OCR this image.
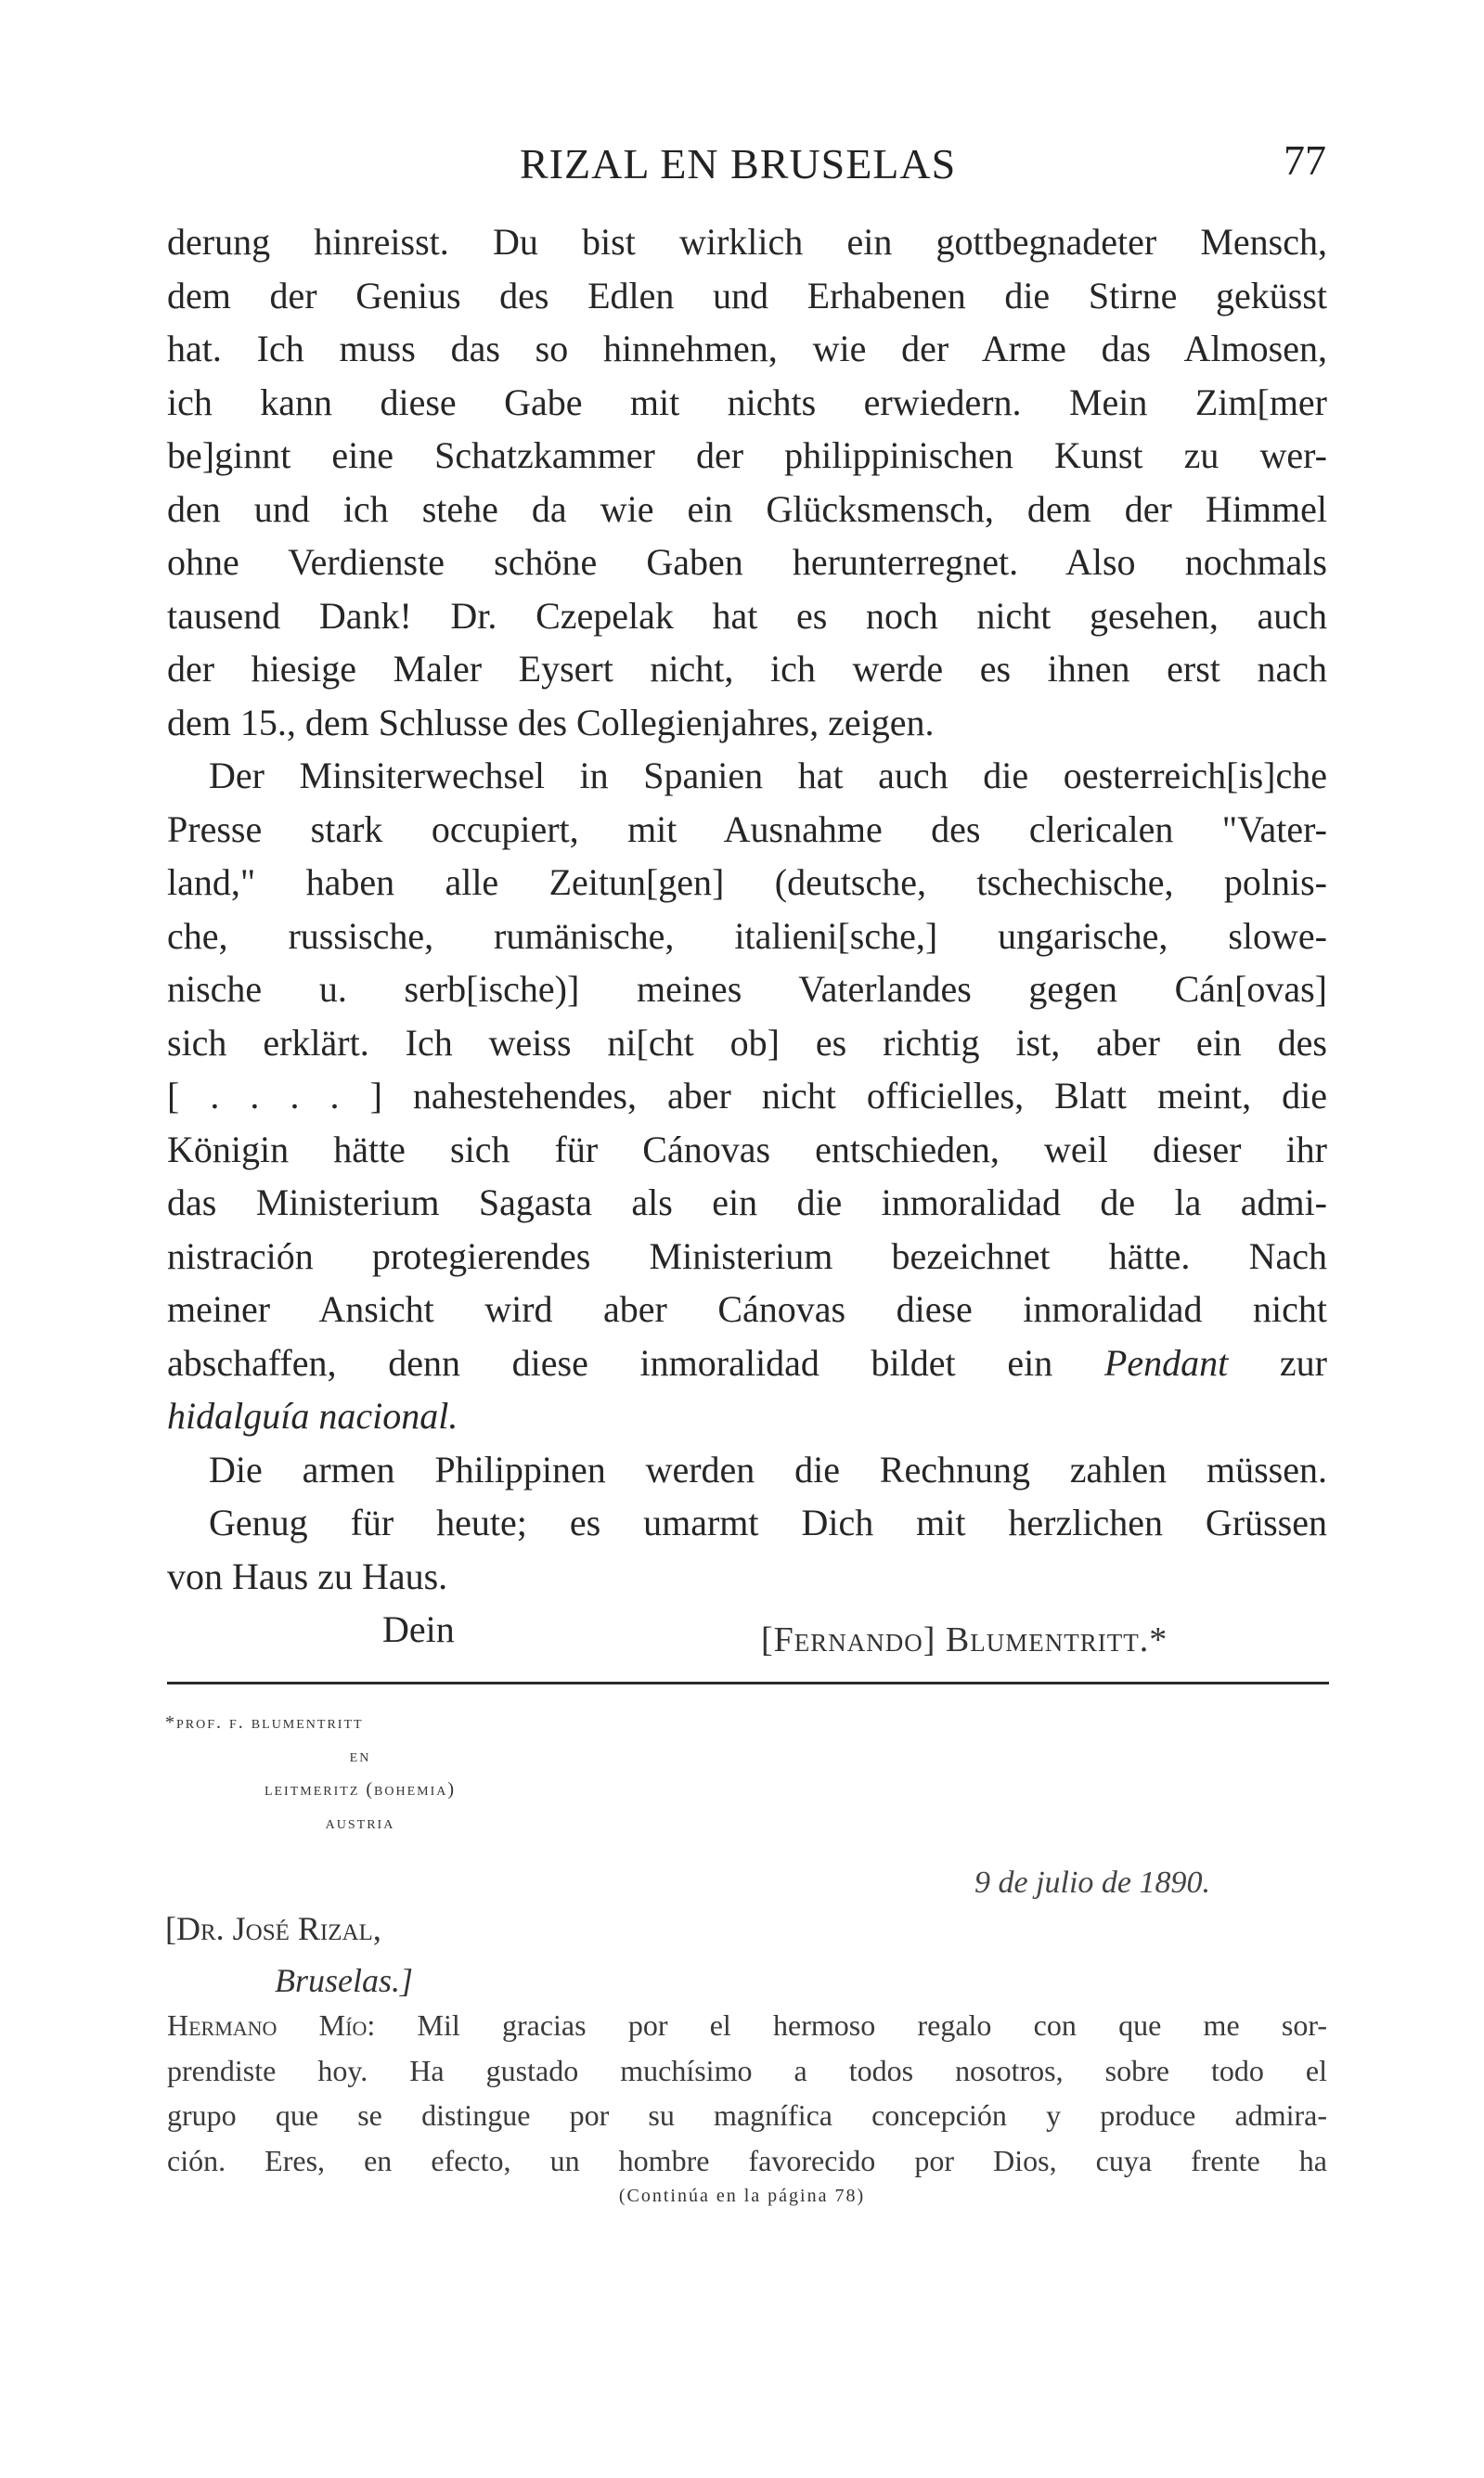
RIZAL EN BRUSELAS	77
derung hinreisst. Du bist wirklich ein gottbegnadeter Mensch,
dem der Genius des Edlen und Erhabenen die Stirne geküsst
hat. Ich muss das so hinnehmen, wie der Arme das Almosen,
ich kann diese Gabe mit nichts erwiedern. Mein Zim[mer
be]ginnt eine Schatzkammer der philippinischen Kunst zu wer-
den und ich stehe da wie ein Glücksmensch, dem der Himmel
ohne Verdienste schöne Gaben herunterregnet. Also nochmals
tausend Dank! Dr. Czepelak hat es noch nicht gesehen, auch
der hiesige Maler Eysert nicht, ich werde es ihnen erst nach
dem 15., dem Schlusse des Collegienjahres, zeigen.
Der Minsiterwechsel in Spanien hat auch die oesterreich[is]che
Presse stark occupiert, mit Ausnahme des clericalen "Vater-
land," haben alle Zeitun[gen] (deutsche, tschechische, polnis-
che, russische, rumänische, italieni[sche,] ungarische, slowe-
nische u. serb[ische)] meines Vaterlandes gegen Cán[ovas]
sich erklärt. Ich weiss ni[cht ob] es richtig ist, aber ein des
[ . . . . ] nahestehendes, aber nicht officielles, Blatt meint, die
Königin hätte sich für Cánovas entschieden, weil dieser ihr
das Ministerium Sagasta als ein die inmoralidad de la admi-
nistración protegierendes Ministerium bezeichnet hätte. Nach
meiner Ansicht wird aber Cánovas diese inmoralidad nicht
abschaffen, denn diese inmoralidad bildet ein Pendant zur
hidalguía nacional.
Die armen Philippinen werden die Rechnung zahlen müssen.
Genug für heute; es umarmt Dich mit herzlichen Grüssen
von Haus zu Haus.
Dein	[Fernando] Blumentritt.*
*prof. f. blumentritt
en
leitmeritz (bohemia)
austria
9 de julio de 1890.
[Dr. José Rizal,
Bruselas.]
Hermano Mío: Mil gracias por el hermoso regalo con que me sor-
prendiste hoy. Ha gustado muchísimo a todos nosotros, sobre todo el
grupo que se distingue por su magnífica concepción y produce admira-
ción. Eres, en efecto, un hombre favorecido por Dios, cuya frente ha
(Continúa en la página 78)
